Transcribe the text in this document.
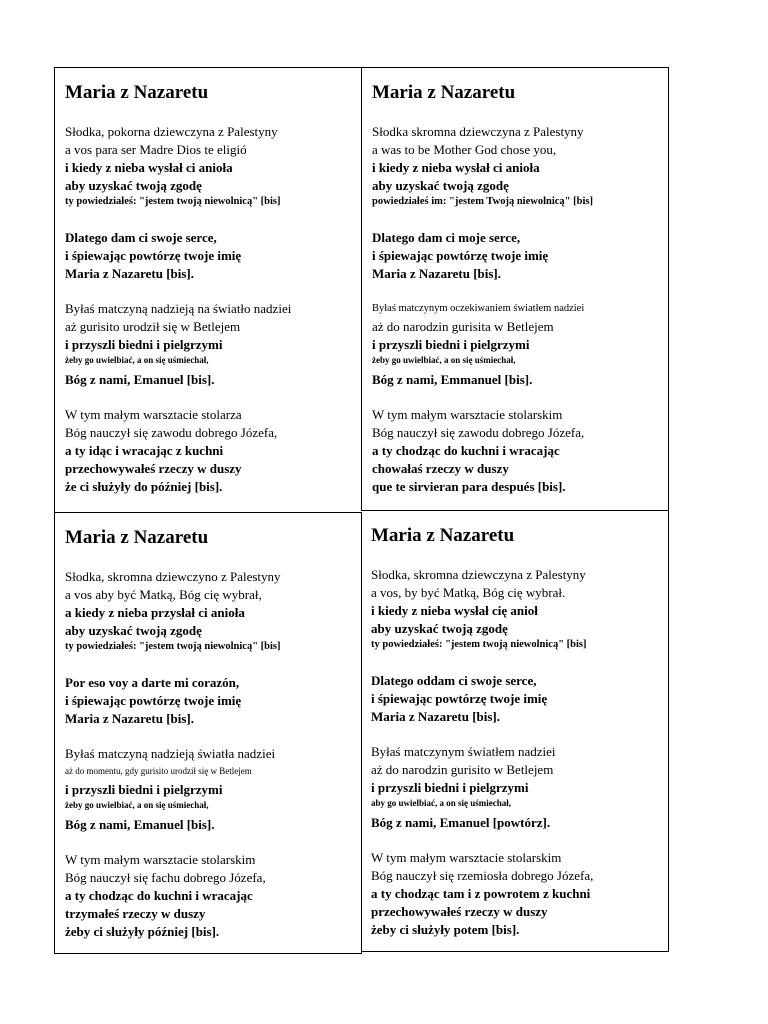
Maria z Nazaretu
Słodka, pokorna dziewczyna z Palestyny
a vos para ser Madre Dios te eligió
i kiedy z nieba wysłał ci anioła
aby uzyskać twoją zgodę
ty powiedziałeś: "jestem twoją niewolnicą" [bis]
Dlatego dam ci swoje serce,
i śpiewając powtórzę twoje imię
Maria z Nazaretu [bis].
Byłaś matczyną nadzieją na światło nadziei
aż gurisito urodził się w Betlejem
i przyszli biedni i pielgrzymi
żeby go uwielbiać, a on się uśmiechał,
Bóg z nami, Emanuel [bis].
W tym małym warsztacie stolarza
Bóg nauczył się zawodu dobrego Józefa,
a ty idąc i wracając z kuchni
przechowywałeś rzeczy w duszy
że ci służyły do później [bis].
Maria z Nazaretu
Słodka skromna dziewczyna z Palestyny
a was to be Mother God chose you,
i kiedy z nieba wysłał ci anioła
aby uzyskać twoją zgodę
powiedziałeś im: "jestem Twoją niewolnicą" [bis]
Dlatego dam ci moje serce,
i śpiewając powtórzę twoje imię
Maria z Nazaretu [bis].
Byłaś matczynym oczekiwaniem światłem nadziei
aż do narodzin gurisita w Betlejem
i przyszli biedni i pielgrzymi
żeby go uwielbiać, a on się uśmiechał,
Bóg z nami, Emmanuel [bis].
W tym małym warsztacie stolarskim
Bóg nauczył się zawodu dobrego Józefa,
a ty chodząc do kuchni i wracając
chowałaś rzeczy w duszy
que te sirvieran para después [bis].
Maria z Nazaretu
Słodka, skromna dziewczyno z Palestyny
a vos aby być Matką, Bóg cię wybrał,
a kiedy z nieba przysłał ci anioła
aby uzyskać twoją zgodę
ty powiedziałeś: "jestem twoją niewolnicą" [bis]
Por eso voy a darte mi corazón,
i śpiewając powtórzę twoje imię
Maria z Nazaretu [bis].
Byłaś matczyną nadzieją światła nadziei
aż do momentu, gdy gurisito urodził się w Betlejem
i przyszli biedni i pielgrzymi
żeby go uwielbiać, a on się uśmiechał,
Bóg z nami, Emanuel [bis].
W tym małym warsztacie stolarskim
Bóg nauczył się fachu dobrego Józefa,
a ty chodząc do kuchni i wracając
trzymałeś rzeczy w duszy
żeby ci służyły później [bis].
Maria z Nazaretu
Słodka, skromna dziewczyna z Palestyny
a vos, by być Matką, Bóg cię wybrał.
i kiedy z nieba wysłał cię anioł
aby uzyskać twoją zgodę
ty powiedziałeś: "jestem twoją niewolnicą" [bis]
Dlatego oddam ci swoje serce,
i śpiewając powtórzę twoje imię
Maria z Nazaretu [bis].
Byłaś matczynym światłem nadziei
aż do narodzin gurisito w Betlejem
i przyszli biedni i pielgrzymi
aby go uwielbiać, a on się uśmiechał,
Bóg z nami, Emanuel [powtórz].
W tym małym warsztacie stolarskim
Bóg nauczył się rzemiosła dobrego Józefa,
a ty chodząc tam i z powrotem z kuchni
przechowywałeś rzeczy w duszy
żeby ci służyły potem [bis].
